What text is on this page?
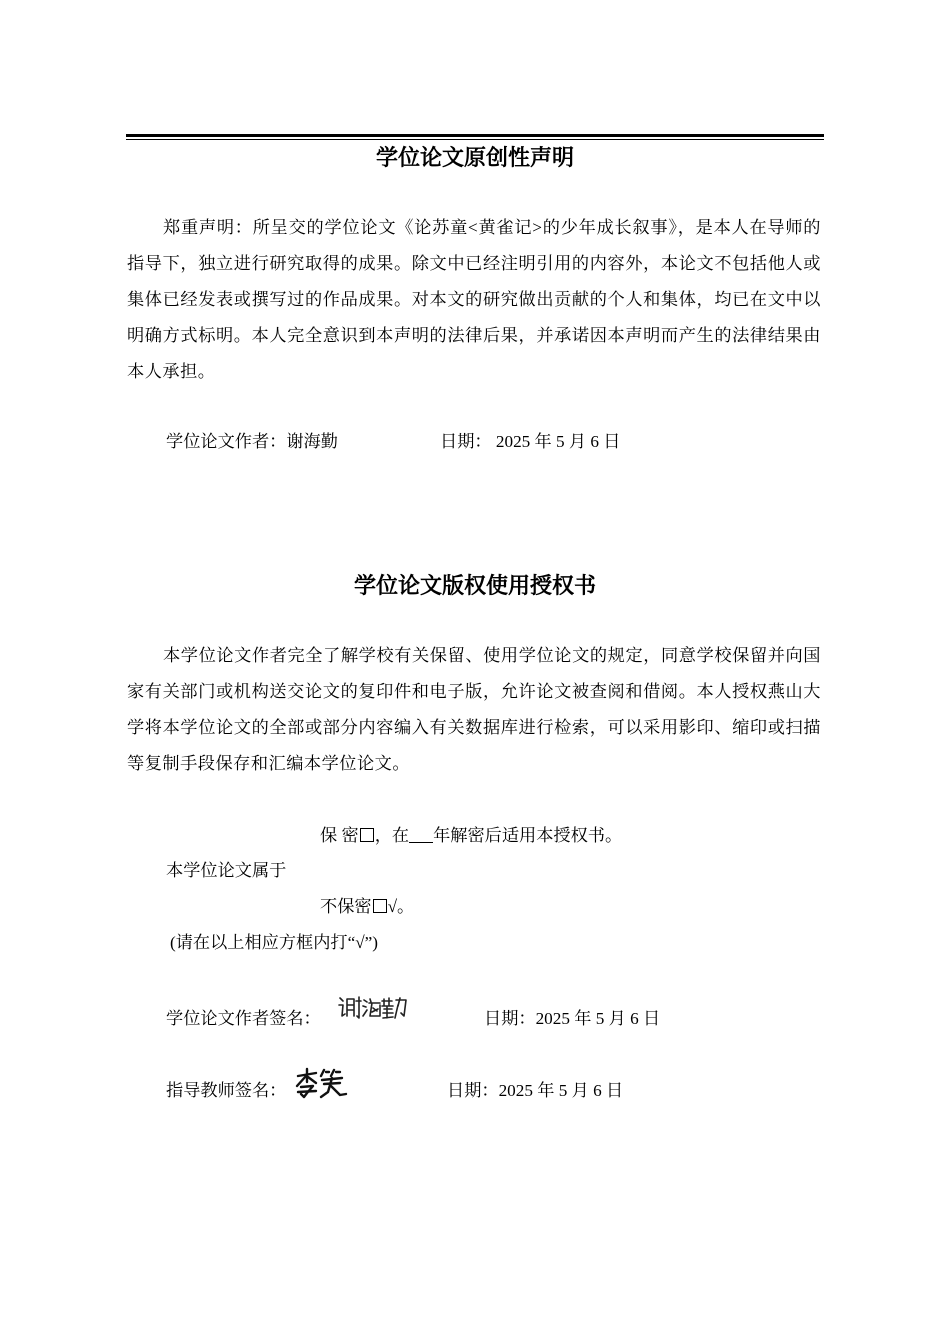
学位论文原创性声明
郑重声明：所呈交的学位论文《论苏童<黄雀记>的少年成长叙事》，是本人在导师的指导下，独立进行研究取得的成果。除文中已经注明引用的内容外，本论文不包括他人或集体已经发表或撰写过的作品成果。对本文的研究做出贡献的个人和集体，均已在文中以明确方式标明。本人完全意识到本声明的法律后果，并承诺因本声明而产生的法律结果由本人承担。
学位论文作者：谢海勤	日期： 2025 年 5 月 6 日
学位论文版权使用授权书
本学位论文作者完全了解学校有关保留、使用学位论文的规定，同意学校保留并向国家有关部门或机构送交论文的复印件和电子版，允许论文被查阅和借阅。本人授权燕山大学将本学位论文的全部或部分内容编入有关数据库进行检索，可以采用影印、缩印或扫描等复制手段保存和汇编本学位论文。
保 密 ，在 年解密后适用本授权书。
本学位论文属于
不保密 √。
(请在以上相应方框内打“√”)
学位论文作者签名：	日期：2025 年 5 月 6 日
指导教师签名：	日期：2025 年 5 月 6 日
